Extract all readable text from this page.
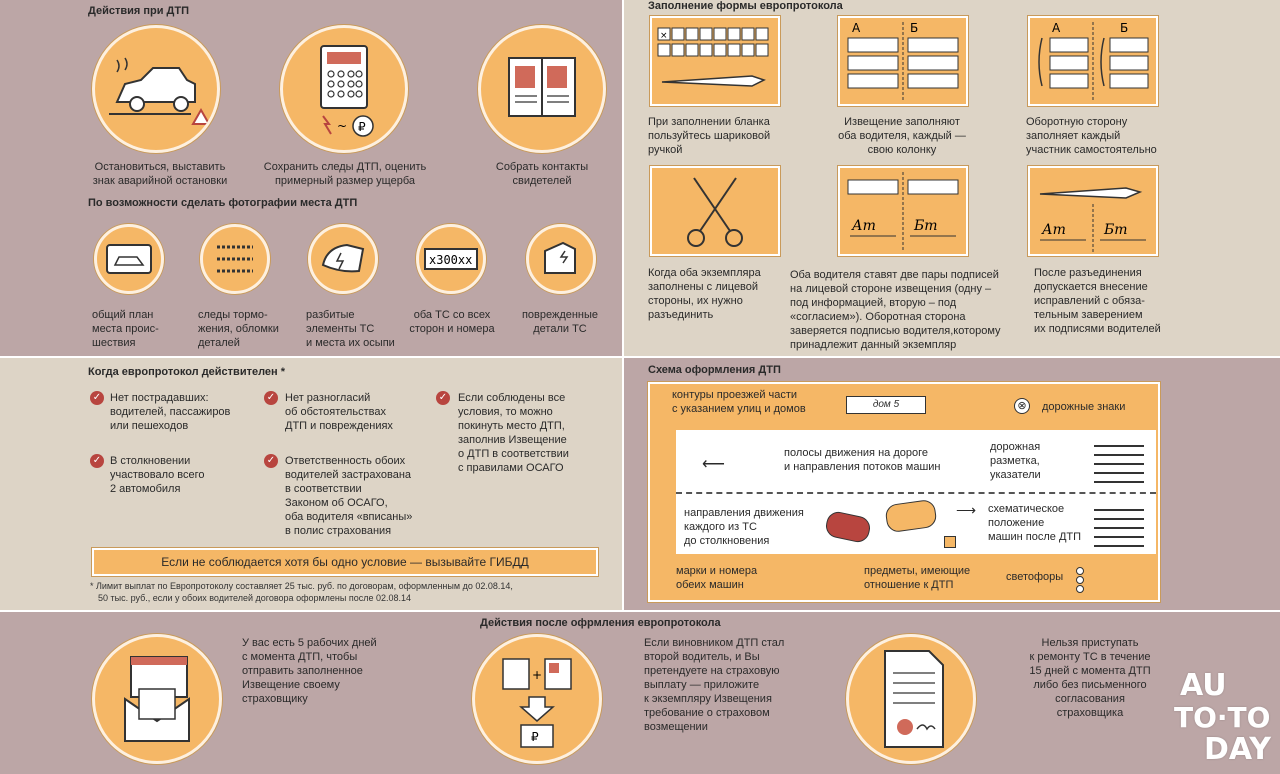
Действия при ДТП
Остановиться, выставить
знак аварийной остановки
~ ₽
Сохранить следы ДТП, оценить
примерный размер ущерба
Собрать контакты
свидетелей
По возможности сделать фотографии места ДТП
общий план
места проис-
шествия
следы тормо-
жения, обломки
деталей
разбитые
элементы ТС
и места их осыпи
x300xx
оба ТС со всех
сторон и номера
поврежденные
детали ТС
Заполнение формы европротокола
×
При заполнении бланка
пользуйтесь шариковой
ручкой
А	Б
Извещение заполняют
оба водителя, каждый —
свою колонку
А	Б
Оборотную сторону
заполняет каждый
участник самостоятельно
Когда оба экземпляра
заполнены с лицевой
стороны, их нужно
разъединить
Ат	Бт
Оба водителя ставят две пары подписей
на лицевой стороне извещения (одну –
под информацией, вторую – под
«согласием»). Оборотная сторона
заверяется подписью водителя,которому
принадлежит данный экземпляр
Ат	Бт
После разъединения
допускается внесение
исправлений с обяза-
тельным заверением
их подписями водителей
Когда европротокол действителен *
✓ Нет пострадавших:
водителей, пассажиров
или пешеходов
✓ В столкновении
участвовало всего
2 автомобиля
✓ Нет разногласий
об обстоятельствах
ДТП и повреждениях
✓ Ответственность обоих
водителей застрахована
в соответствии
Законом об ОСАГО,
оба водителя «вписаны»
в полис страхования
✓ Если соблюдены все
условия, то можно
покинуть место ДТП,
заполнив Извещение
о ДТП в соответствии
с правилами ОСАГО
Если не соблюдается хотя бы одно условие — вызывайте ГИБДД
* Лимит выплат по Европротоколу составляет 25 тыс. руб. по договорам, оформленным до 02.08.14,
50 тыс. руб., если у обоих водителей договора оформлены после 02.08.14
Схема оформления ДТП
контуры проезжей части
с указанием улиц и домов	дом 5	⊗	дорожные знаки
⟵
полосы движения на дороге
и направления потоков машин
дорожная
разметка,
указатели
направления движения
каждого из ТС
до столкновения
⟶ схематическое
положение
машин после ДТП
марки и номера
обеих машин
предметы, имеющие
отношение к ДТП
светофоры
Действия после офрмления европротокола
У вас есть 5 рабочих дней
с момента ДТП, чтобы
отправить заполненное
Извещение своему
страховщику
+
₽
Если виновником ДТП стал
второй водитель, и Вы
претендуете на страховую
выплату — приложите
к экземпляру Извещения
требование о страховом
возмещении
Нельзя приступать
к ремонту ТС в течение
15 дней с момента ДТП
либо без письменного
согласования
страховщика
AU
TO·TO
DAY
